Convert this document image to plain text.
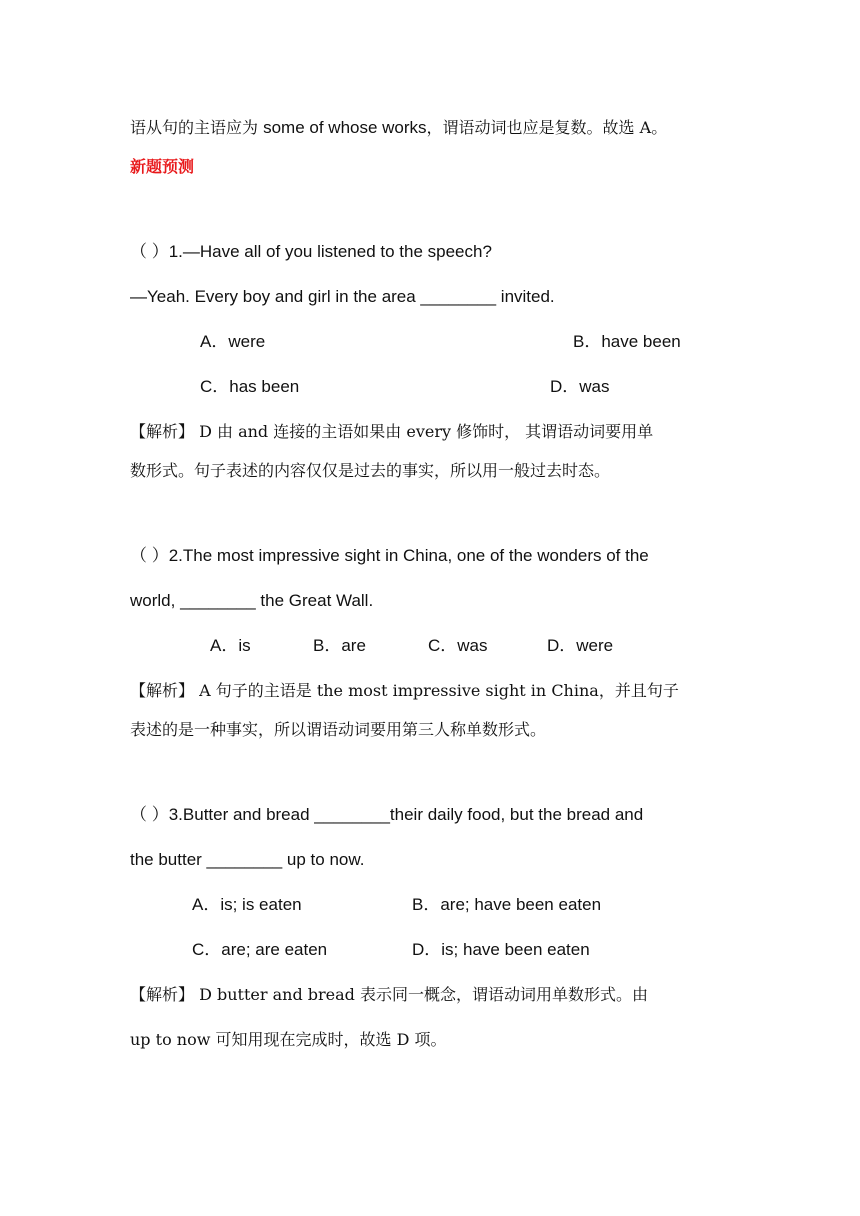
语从句的主语应为 some of whose works，谓语动词也应是复数。故选 A。
新题预测
（ ）1.—Have all of you listened to the speech?
—Yeah. Every boy and girl in the area ________ invited.
A．were	B．have been
C．has been	D．was
【解析】 D 由 and 连接的主语如果由 every 修饰时， 其谓语动词要用单
数形式。句子表述的内容仅仅是过去的事实，所以用一般过去时态。
（ ）2.The most impressive sight in China, one of the wonders of the
world, ________ the Great Wall.
A．is	B．are	C．was	D．were
【解析】 A 句子的主语是 the most impressive sight in China，并且句子
表述的是一种事实，所以谓语动词要用第三人称单数形式。
（ ）3.Butter and bread ________their daily food, but the bread and
the butter ________ up to now.
A．is; is eaten	B．are; have been eaten
C．are; are eaten	D．is; have been eaten
【解析】 D butter and bread 表示同一概念，谓语动词用单数形式。由
up to now 可知用现在完成时，故选 D 项。
